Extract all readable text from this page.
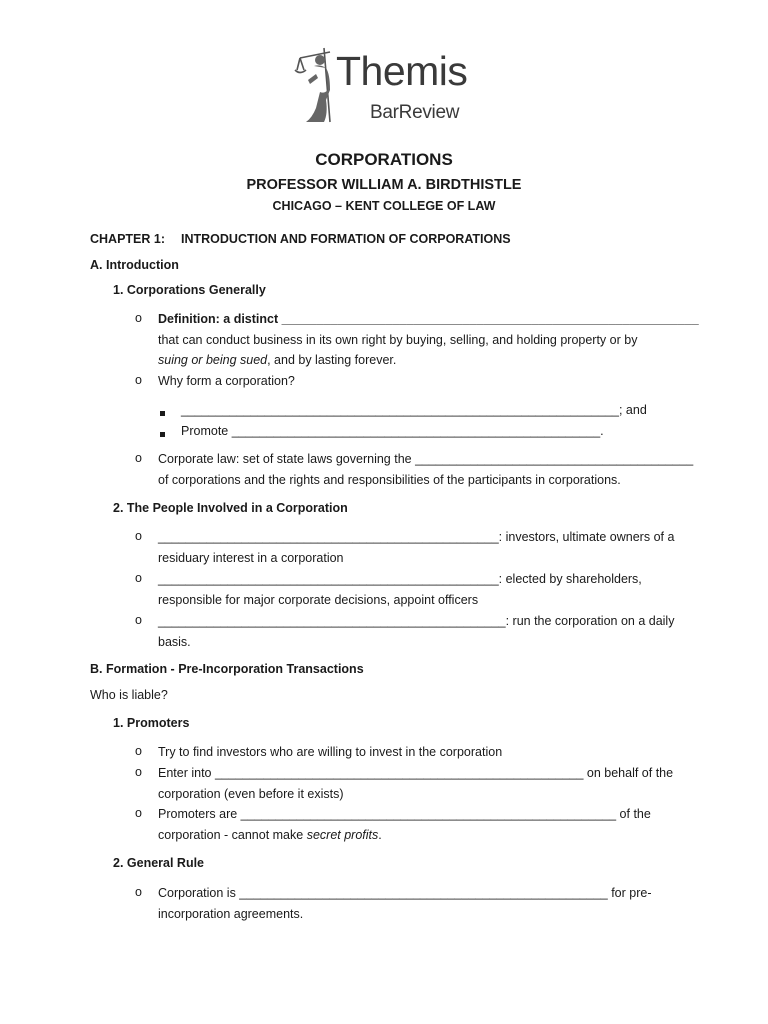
Themis
BarReview
CORPORATIONS
PROFESSOR WILLIAM A. BIRDTHISTLE
CHICAGO – KENT COLLEGE OF LAW
CHAPTER 1: INTRODUCTION AND FORMATION OF CORPORATIONS
A. Introduction
1. Corporations Generally
o Definition: a distinct ____________________________________________________________
that can conduct business in its own right by buying, selling, and holding property or by
suing or being sued, and by lasting forever.
o Why form a corporation?
_______________________________________________________________; and
Promote _____________________________________________________.
o Corporate law: set of state laws governing the ________________________________________
of corporations and the rights and responsibilities of the participants in corporations.
2. The People Involved in a Corporation
o _________________________________________________: investors, ultimate owners of a
residuary interest in a corporation
o _________________________________________________: elected by shareholders,
responsible for major corporate decisions, appoint officers
o __________________________________________________: run the corporation on a daily
basis.
B. Formation - Pre-Incorporation Transactions
Who is liable?
1. Promoters
o Try to find investors who are willing to invest in the corporation
o Enter into _____________________________________________________ on behalf of the
corporation (even before it exists)
o Promoters are ______________________________________________________ of the
corporation - cannot make secret profits.
2. General Rule
o Corporation is _____________________________________________________ for pre-
incorporation agreements.
